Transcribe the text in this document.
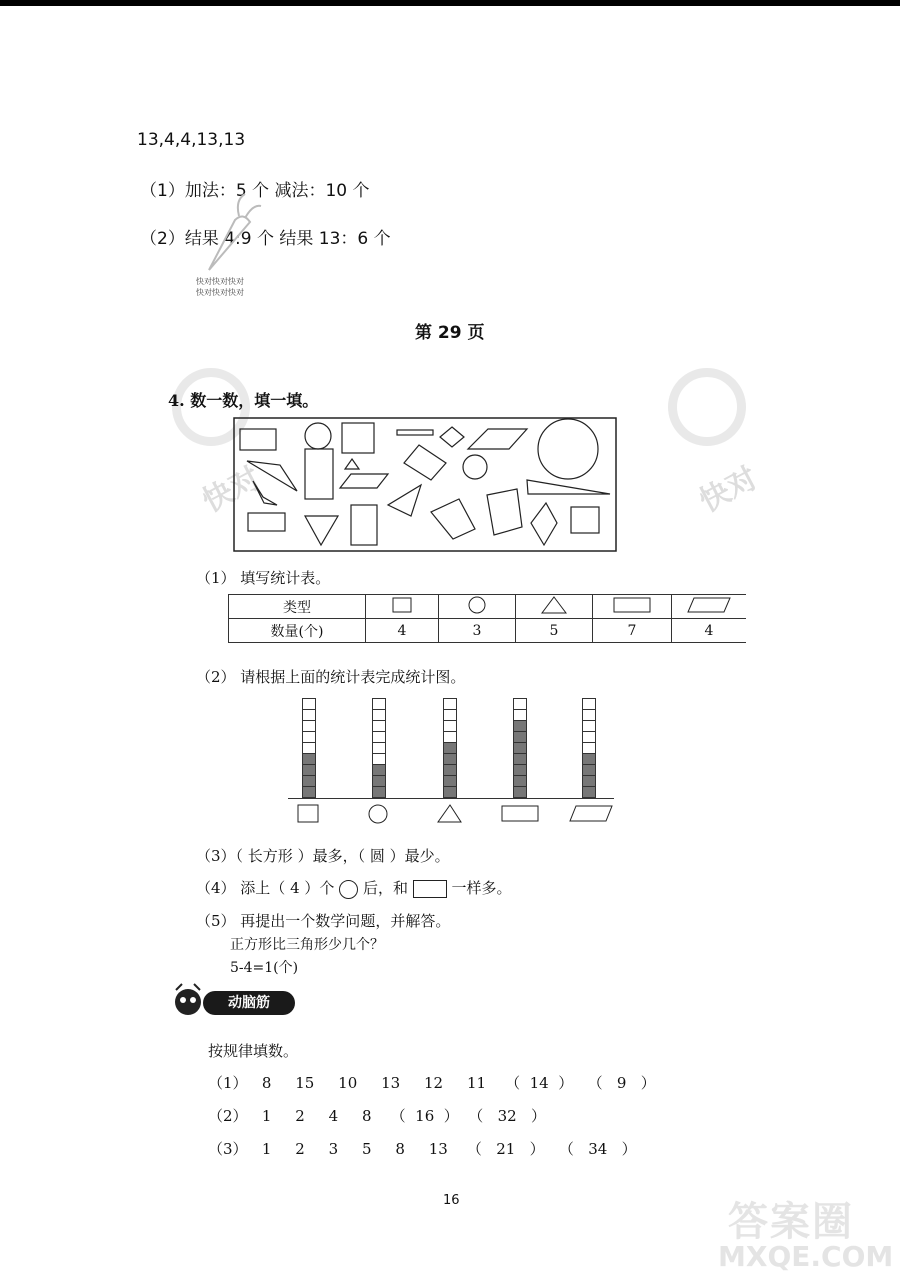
13,4,4,13,13
（1）加法：5 个 减法：10 个
（2）结果 4:9 个 结果 13：6 个
快对快对快对
快对快对快对
第 29 页
快对	快对
4. 数一数，填一填。
（1） 填写统计表。
类型					
数量(个)	4	3	5	7	4
（2） 请根据上面的统计表完成统计图。
（3）（ 长方形 ）最多，（ 圆 ）最少。
（4） 添上（ 4 ）个 后，和	一样多。
（5） 再提出一个数学问题，并解答。
正方形比三角形少几个？
5-4=1(个)
动脑筋
按规律填数。
（1）   8     15     10     13     12     11    （  14  ）   （   9   ）
（2）   1     2     4     8    （  16  ）  （   32   ）
（3）   1     2     3     5     8     13    （   21   ）   （   34   ）
16	答案圈
MXQE.COM
